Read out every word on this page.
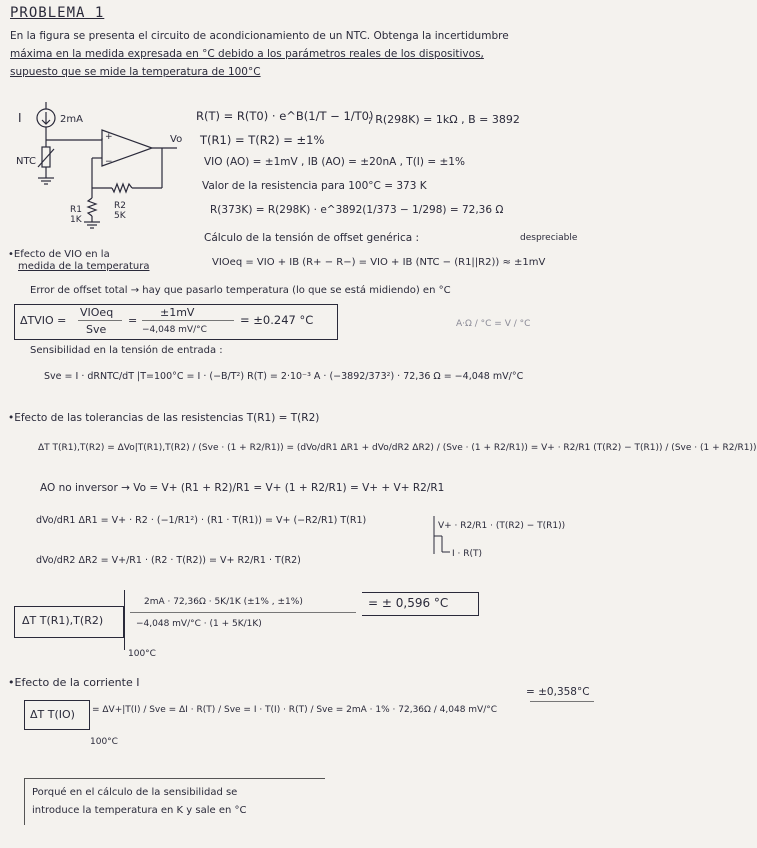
PROBLEMA 1
En la figura se presenta el circuito de acondicionamiento de un NTC. Obtenga la incertidumbre
máxima en la medida expresada en °C debido a los parámetros reales de los dispositivos,
supuesto que se mide la temperatura de 100°C
I	2mA
NTC
Vo
+
−
R1
1K
R2
5K
R(T) = R(T0) · e^B(1/T − 1/T0)
; R(298K) = 1kΩ , B = 3892
T(R1) = T(R2) = ±1%
VIO (AO) = ±1mV , IB (AO) = ±20nA , T(I) = ±1%
Valor de la resistencia para 100°C = 373 K
R(373K) = R(298K) · e^3892(1/373 − 1/298) = 72,36 Ω
Cálculo de la tensión de offset genérica :	despreciable
VIOeq = VIO + IB (R+ − R−) = VIO + IB (NTC − (R1||R2)) ≈ ±1mV
• Efecto de VIO en la
medida de la temperatura
Error de offset total → hay que pasarlo temperatura (lo que se está midiendo) en °C
ΔTVIO =
VIOeq
Sve
=
±1mV
−4,048 mV/°C
= ±0.247 °C	A·Ω / °C = V / °C
Sensibilidad en la tensión de entrada :
Sve = I · dRNTC/dT |T=100°C = I · (−B/T²) R(T) = 2·10⁻³ A · (−3892/373²) · 72,36 Ω = −4,048 mV/°C
• Efecto de las tolerancias de las resistencias T(R1) = T(R2)
ΔT T(R1),T(R2) = ΔVo|T(R1),T(R2) / (Sve · (1 + R2/R1)) = (dVo/dR1 ΔR1 + dVo/dR2 ΔR2) / (Sve · (1 + R2/R1)) = V+ · R2/R1 (T(R2) − T(R1)) / (Sve · (1 + R2/R1))
AO no inversor → Vo = V+ (R1 + R2)/R1 = V+ (1 + R2/R1) = V+ + V+ R2/R1
dVo/dR1 ΔR1 = V+ · R2 · (−1/R1²) · (R1 · T(R1)) = V+ (−R2/R1) T(R1)
dVo/dR2 ΔR2 = V+/R1 · (R2 · T(R2)) = V+ R2/R1 · T(R2)
V+ · R2/R1 · (T(R2) − T(R1))
I · R(T)
ΔT T(R1),T(R2)
2mA · 72,36Ω · 5K/1K (±1% , ±1%)
−4,048 mV/°C · (1 + 5K/1K)
100°C
= ± 0,596 °C
• Efecto de la corriente I
ΔT T(IO) = ΔV+|T(I) / Sve = ΔI · R(T) / Sve = I · T(I) · R(T) / Sve = 2mA · 1% · 72,36Ω / 4,048 mV/°C
100°C
= ±0,358°C
Porqué en el cálculo de la sensibilidad se
introduce la temperatura en K y sale en °C
